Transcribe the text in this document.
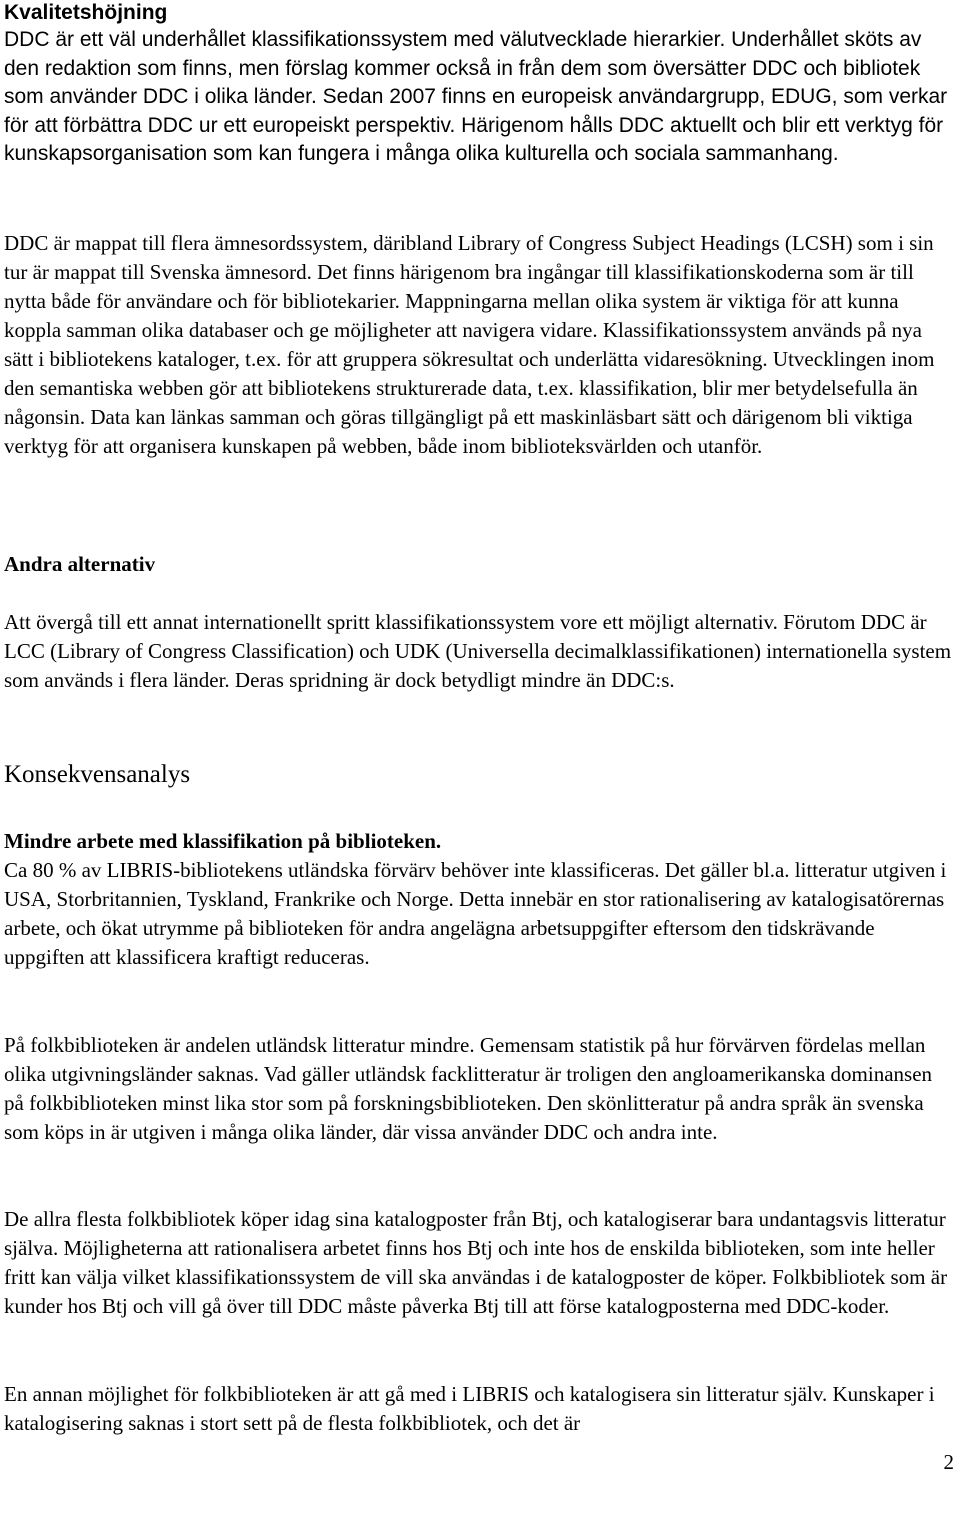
Kvalitetshöjning

DDC är ett väl underhållet klassifikationssystem med välutvecklade hierarkier. Underhållet sköts av den redaktion som finns, men förslag kommer också in från dem som översätter DDC och bibliotek som använder DDC i olika länder. Sedan 2007 finns en europeisk användargrupp, EDUG, som verkar för att förbättra DDC ur ett europeiskt perspektiv. Härigenom hålls DDC aktuellt och blir ett verktyg för kunskapsorganisation som kan fungera i många olika kulturella och sociala sammanhang.

DDC är mappat till flera ämnesordssystem, däribland Library of Congress Subject Headings (LCSH) som i sin tur är mappat till Svenska ämnesord. Det finns härigenom bra ingångar till klassifikationskoderna som är till nytta både för användare och för bibliotekarier. Mappningarna mellan olika system är viktiga för att kunna koppla samman olika databaser och ge möjligheter att navigera vidare. Klassifikationssystem används på nya sätt i bibliotekens kataloger, t.ex. för att gruppera sökresultat och underlätta vidaresökning. Utvecklingen inom den semantiska webben gör att bibliotekens strukturerade data, t.ex. klassifikation, blir mer betydelsefulla än någonsin. Data kan länkas samman och göras tillgängligt på ett maskinläsbart sätt och därigenom bli viktiga verktyg för att organisera kunskapen på webben, både inom biblioteksvärlden och utanför.

Andra alternativ

Att övergå till ett annat internationellt spritt klassifikationssystem vore ett möjligt alternativ. Förutom DDC är LCC (Library of Congress Classification) och UDK (Universella decimalklassifikationen) internationella system som används i flera länder. Deras spridning är dock betydligt mindre än DDC:s.

Konsekvensanalys
Mindre arbete med klassifikation på biblioteken.

Ca 80 % av LIBRIS-bibliotekens utländska förvärv behöver inte klassificeras. Det gäller bl.a. litteratur utgiven i USA, Storbritannien, Tyskland, Frankrike och Norge. Detta innebär en stor rationalisering av katalogisatörernas arbete, och ökat utrymme på biblioteken för andra angelägna arbetsuppgifter eftersom den tidskrävande uppgiften att klassificera kraftigt reduceras.

På folkbiblioteken är andelen utländsk litteratur mindre. Gemensam statistik på hur förvärven fördelas mellan olika utgivningsländer saknas. Vad gäller utländsk facklitteratur är troligen den angloamerikanska dominansen på folkbiblioteken minst lika stor som på forskningsbiblioteken. Den skönlitteratur på andra språk än svenska som köps in är utgiven i många olika länder, där vissa använder DDC och andra inte.

De allra flesta folkbibliotek köper idag sina katalogposter från Btj, och katalogiserar bara undantagsvis litteratur själva. Möjligheterna att rationalisera arbetet finns hos Btj och inte hos de enskilda biblioteken, som inte heller fritt kan välja vilket klassifikationssystem de vill ska användas i de katalogposter de köper. Folkbibliotek som är kunder hos Btj och vill gå över till DDC måste påverka Btj till att förse katalogposterna med DDC-koder.

En annan möjlighet för folkbiblioteken är att gå med i LIBRIS och katalogisera sin litteratur själv. Kunskaper i katalogisering saknas i stort sett på de flesta folkbibliotek, och det är

2
